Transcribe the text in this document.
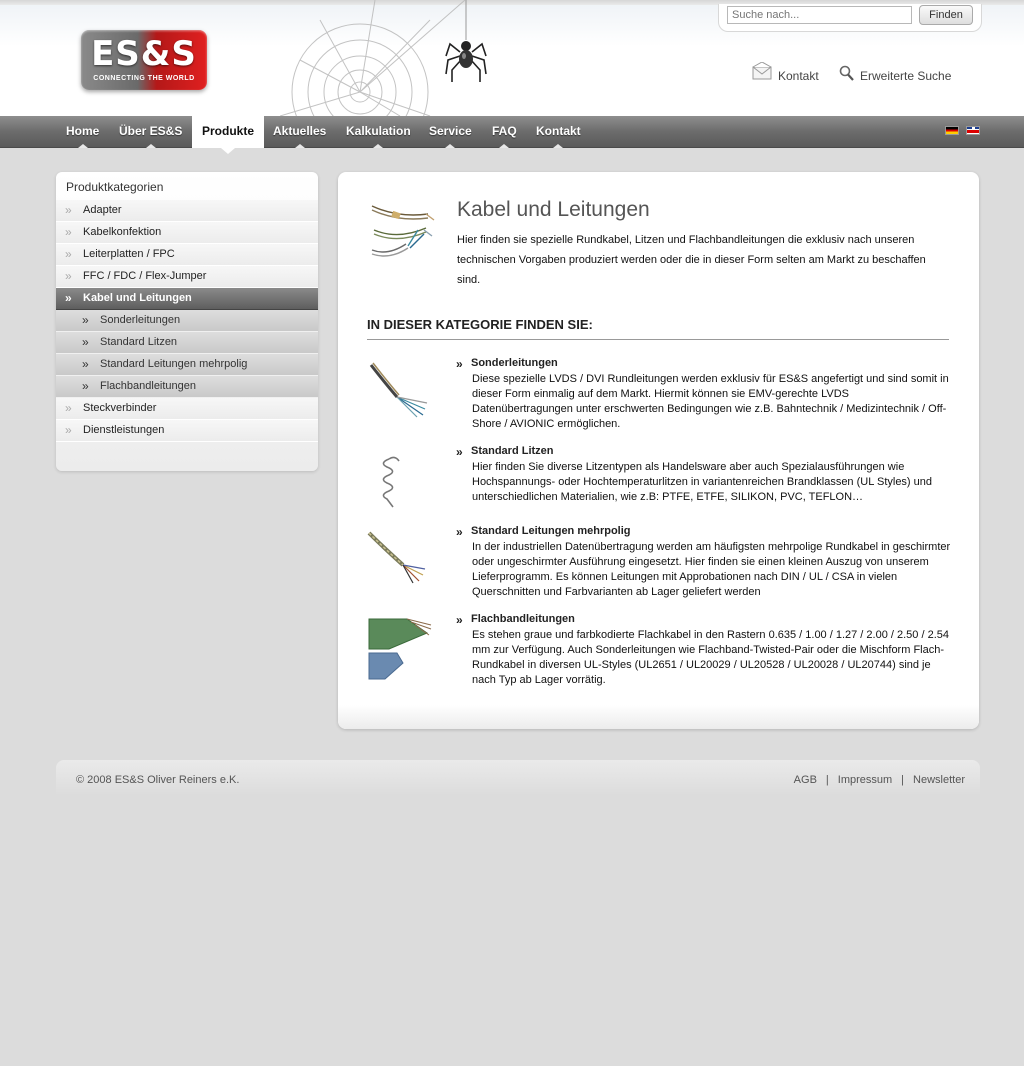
ES&S
CONNECTING THE WORLD
Suche nach...
Finden
Kontakt	Erweiterte Suche
Home Über ES&S	Produkte	Aktuelles Kalkulation Service FAQ Kontakt
Produktkategorien
» Adapter
» Kabelkonfektion
» Leiterplatten / FPC
» FFC / FDC / Flex-Jumper
» Kabel und Leitungen
» Sonderleitungen
» Standard Litzen
» Standard Leitungen mehrpolig
» Flachbandleitungen
» Steckverbinder
» Dienstleistungen
Kabel und Leitungen
Hier finden sie spezielle Rundkabel, Litzen und Flachbandleitungen die exklusiv nach unseren technischen Vorgaben produziert werden oder die in dieser Form selten am Markt zu beschaffen sind.
IN DIESER KATEGORIE FINDEN SIE:
» Sonderleitungen
Diese spezielle LVDS / DVI Rundleitungen werden exklusiv für ES&S angefertigt und sind somit in dieser Form einmalig auf dem Markt. Hiermit können sie EMV-gerechte LVDS Datenübertragungen unter erschwerten Bedingungen wie z.B. Bahntechnik / Medizintechnik / Off-Shore / AVIONIC ermöglichen.
» Standard Litzen
Hier finden Sie diverse Litzentypen als Handelsware aber auch Spezialausführungen wie Hochspannungs- oder Hochtemperaturlitzen in variantenreichen Brandklassen (UL Styles) und unterschiedlichen Materialien, wie z.B: PTFE, ETFE, SILIKON, PVC, TEFLON…
» Standard Leitungen mehrpolig
In der industriellen Datenübertragung werden am häufigsten mehrpolige Rundkabel in geschirmter oder ungeschirmter Ausführung eingesetzt. Hier finden sie einen kleinen Auszug von unserem Lieferprogramm. Es können Leitungen mit Approbationen nach DIN / UL / CSA in vielen Querschnitten und Farbvarianten ab Lager geliefert werden
» Flachbandleitungen
Es stehen graue und farbkodierte Flachkabel in den Rastern 0.635 / 1.00 / 1.27 / 2.00 / 2.50 / 2.54 mm zur Verfügung. Auch Sonderleitungen wie Flachband-Twisted-Pair oder die Mischform Flach-Rundkabel in diversen UL-Styles (UL2651 / UL20029 / UL20528 / UL20028 / UL20744) sind je nach Typ ab Lager vorrätig.
© 2008 ES&S Oliver Reiners e.K.	AGB | Impressum | Newsletter
